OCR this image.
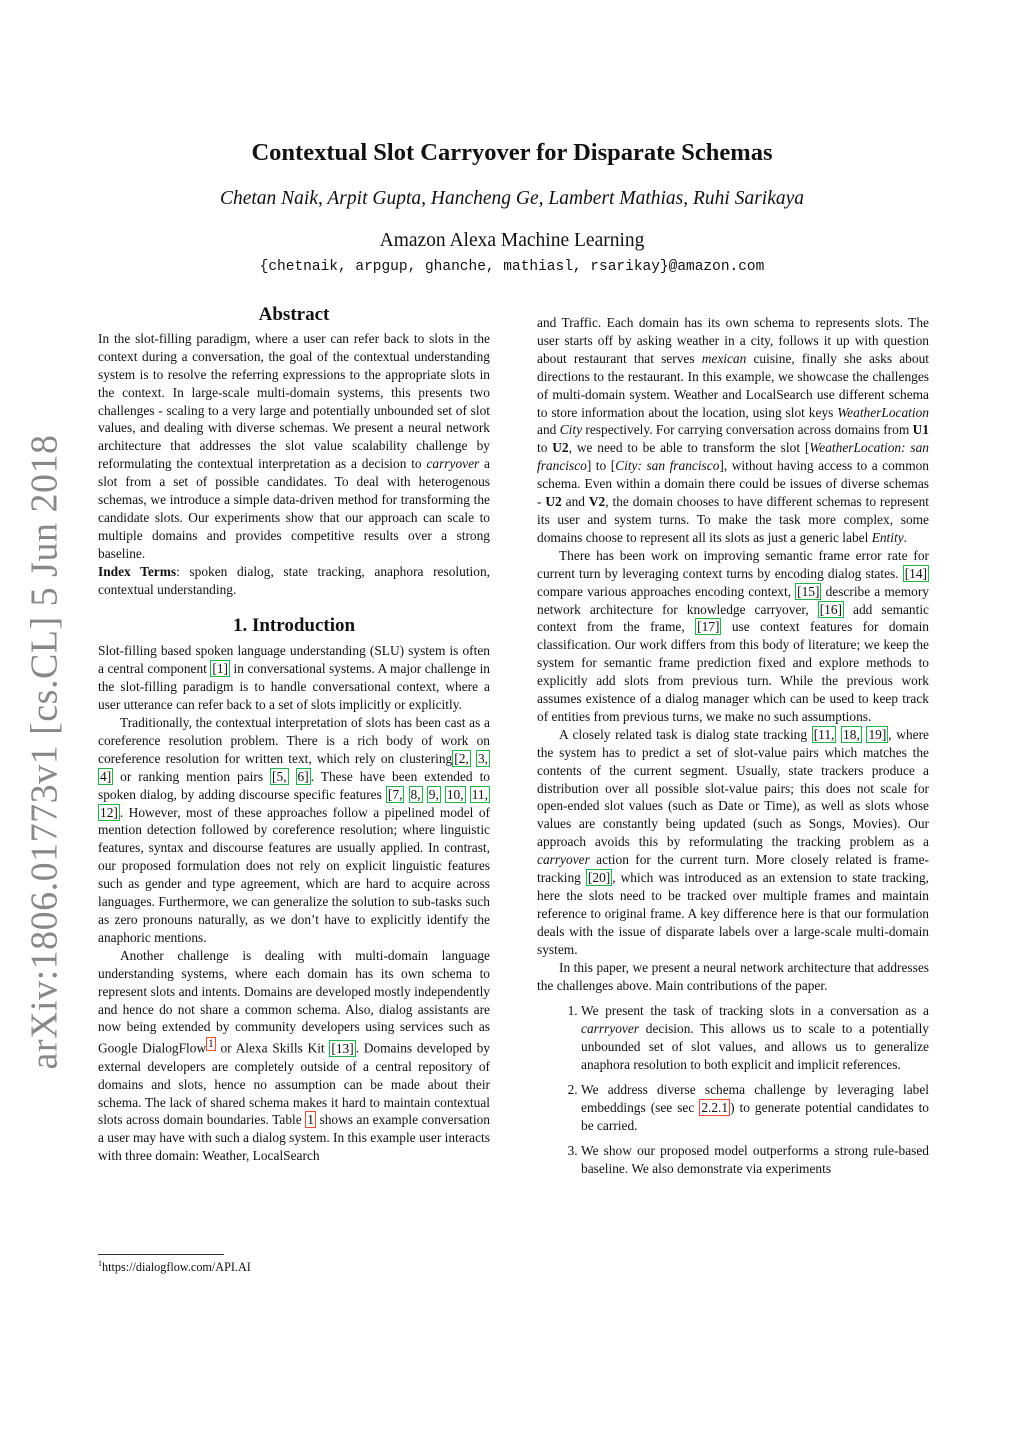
arXiv:1806.01773v1 [cs.CL] 5 Jun 2018
Contextual Slot Carryover for Disparate Schemas
Chetan Naik, Arpit Gupta, Hancheng Ge, Lambert Mathias, Ruhi Sarikaya
Amazon Alexa Machine Learning
{chetnaik, arpgup, ghanche, mathiasl, rsarikay}@amazon.com
Abstract

In the slot-filling paradigm, where a user can refer back to slots in the context during a conversation, the goal of the contextual understanding system is to resolve the referring expressions to the appropriate slots in the context. In large-scale multi-domain systems, this presents two challenges - scaling to a very large and potentially unbounded set of slot values, and dealing with diverse schemas. We present a neural network architecture that addresses the slot value scalability challenge by reformulating the contextual interpretation as a decision to carryover a slot from a set of possible candidates. To deal with heterogenous schemas, we introduce a simple data-driven method for transforming the candidate slots. Our experiments show that our approach can scale to multiple domains and provides competitive results over a strong baseline.

Index Terms: spoken dialog, state tracking, anaphora resolution, contextual understanding.

1. Introduction

Slot-filling based spoken language understanding (SLU) system is often a central component [1] in conversational systems. A major challenge in the slot-filling paradigm is to handle conversational context, where a user utterance can refer back to a set of slots implicitly or explicitly.

Traditionally, the contextual interpretation of slots has been cast as a coreference resolution problem. There is a rich body of work on coreference resolution for written text, which rely on clustering [2, 3, 4] or ranking mention pairs [5, 6] . These have been extended to spoken dialog, by adding discourse specific features [7, 8, 9, 10, 11, 12] . However, most of these approaches follow a pipelined model of mention detection followed by coreference resolution; where linguistic features, syntax and discourse features are usually applied. In contrast, our proposed formulation does not rely on explicit linguistic features such as gender and type agreement, which are hard to acquire across languages. Furthermore, we can generalize the solution to sub-tasks such as zero pronouns naturally, as we don’t have to explicitly identify the anaphoric mentions.

Another challenge is dealing with multi-domain language understanding systems, where each domain has its own schema to represent slots and intents. Domains are developed mostly independently and hence do not share a common schema. Also, dialog assistants are now being extended by community developers using services such as Google DialogFlow $^1$ or Alexa Skills Kit [13] . Domains developed by external developers are completely outside of a central repository of domains and slots, hence no assumption can be made about their schema. The lack of shared schema makes it hard to maintain contextual slots across domain boundaries. Table 1 shows an example conversation a user may have with such a dialog system. In this example user interacts with three domain: Weather, LocalSearch

$^1$https://dialogflow.com/API.AI

and Traffic. Each domain has its own schema to represents slots. The user starts off by asking weather in a city, follows it up with question about restaurant that serves mexican cuisine, finally she asks about directions to the restaurant. In this example, we showcase the challenges of multi-domain system. Weather and LocalSearch use different schema to store information about the location, using slot keys WeatherLocation and City respectively. For carrying conversation across domains from U1 to U2, we need to be able to transform the slot [WeatherLocation: san francisco] to [City: san francisco], without having access to a common schema. Even within a domain there could be issues of diverse schemas - U2 and V2, the domain chooses to have different schemas to represent its user and system turns. To make the task more complex, some domains choose to represent all its slots as just a generic label Entity.

There has been work on improving semantic frame error rate for current turn by leveraging context turns by encoding dialog states. [14] compare various approaches encoding context, [15] describe a memory network architecture for knowledge carryover, [16] add semantic context from the frame, [17] use context features for domain classification. Our work differs from this body of literature; we keep the system for semantic frame prediction fixed and explore methods to explicitly add slots from previous turn. While the previous work assumes existence of a dialog manager which can be used to keep track of entities from previous turns, we make no such assumptions.

A closely related task is dialog state tracking [11, 18, 19] , where the system has to predict a set of slot-value pairs which matches the contents of the current segment. Usually, state trackers produce a distribution over all possible slot-value pairs; this does not scale for open-ended slot values (such as Date or Time), as well as slots whose values are constantly being updated (such as Songs, Movies). Our approach avoids this by reformulating the tracking problem as a carryover action for the current turn. More closely related is frame-tracking [20] , which was introduced as an extension to state tracking, here the slots need to be tracked over multiple frames and maintain reference to original frame. A key difference here is that our formulation deals with the issue of disparate labels over a large-scale multi-domain system.

In this paper, we present a neural network architecture that addresses the challenges above. Main contributions of the paper.

1. We present the task of tracking slots in a conversation as a carrryover decision. This allows us to scale to a potentially unbounded set of slot values, and allows us to generalize anaphora resolution to both explicit and implicit references.
2. We address diverse schema challenge by leveraging label embeddings (see sec 2.2.1 ) to generate potential candidates to be carried.
3. We show our proposed model outperforms a strong rule-based baseline. We also demonstrate via experiments
